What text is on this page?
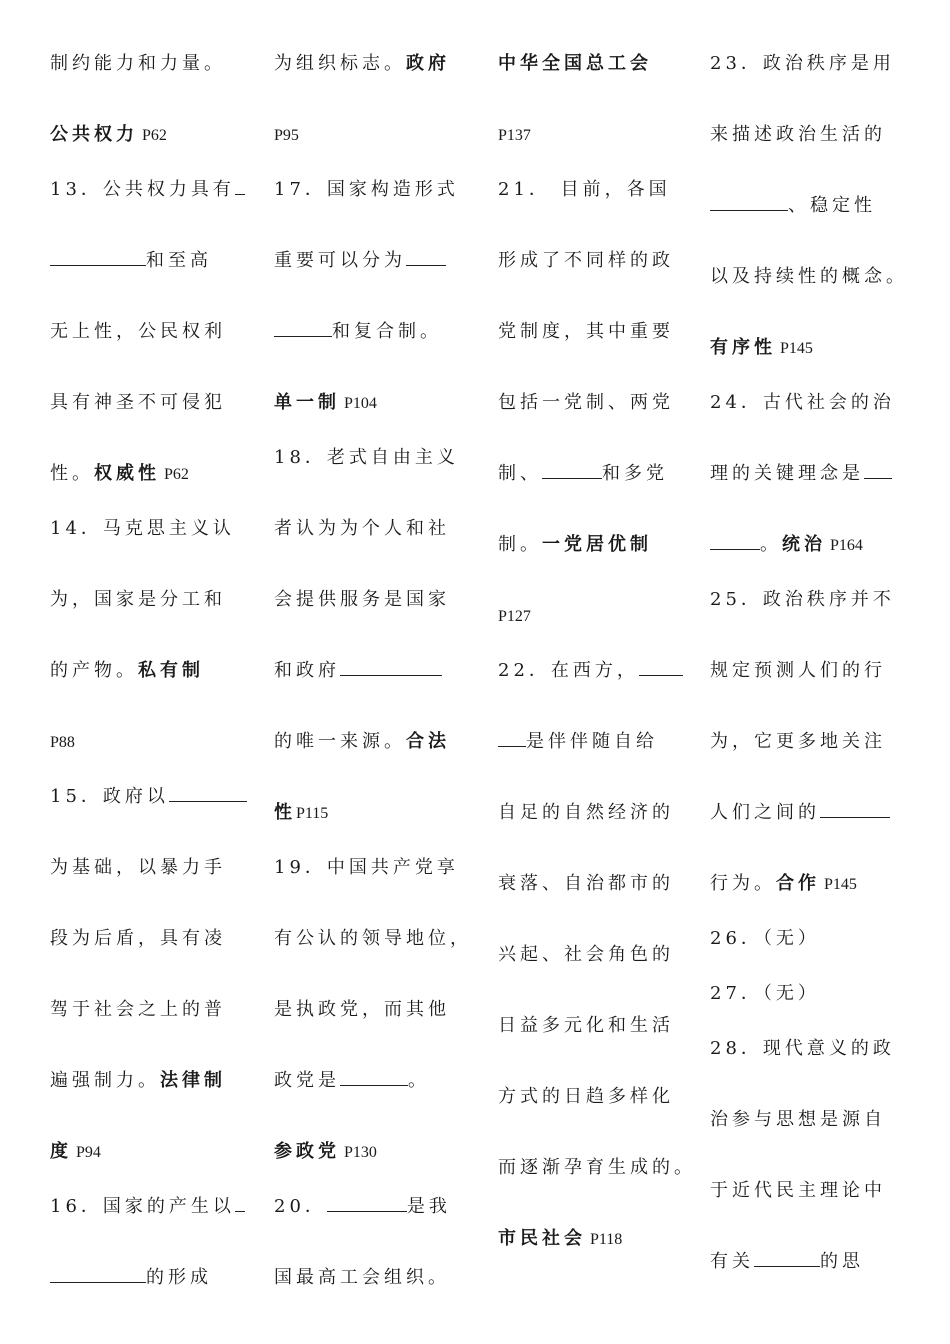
制约能力和力量。
公共权力 P62
13．公共权力具有
和至高
无上性，公民权利
具有神圣不可侵犯
性。权威性 P62
14．马克思主义认
为，国家是分工和
的产物。私有制
P88
15．政府以
为基础，以暴力手
段为后盾，具有凌
驾于社会之上的普
遍强制力。法律制
度 P94
16．国家的产生以
的形成
为组织标志。政府
P95
17．国家构造形式
重要可以分为
和复合制。
单一制 P104
18．老式自由主义
者认为为个人和社
会提供服务是国家
和政府
的唯一来源。合法
性P115
19．中国共产党享
有公认的领导地位，
是执政党，而其他
政党是	。
参政党 P130
20．	是我
国最高工会组织。
中华全国总工会
P137
21． 目前，各国
形成了不同样的政
党制度，其中重要
包括一党制、两党
制、	和多党
制。一党居优制
P127
22．在西方，
是伴伴随自给
自足的自然经济的
衰落、自治都市的
兴起、社会角色的
日益多元化和生活
方式的日趋多样化
而逐渐孕育生成的。
市民社会 P118
23．政治秩序是用
来描述政治生活的
、稳定性
以及持续性的概念。
有序性 P145
24．古代社会的治
理的关键理念是
。统治 P164
25．政治秩序并不
规定预测人们的行
为，它更多地关注
人们之间的
行为。合作 P145
26．（无）
27．（无）
28．现代意义的政
治参与思想是源自
于近代民主理论中
有关	的思
